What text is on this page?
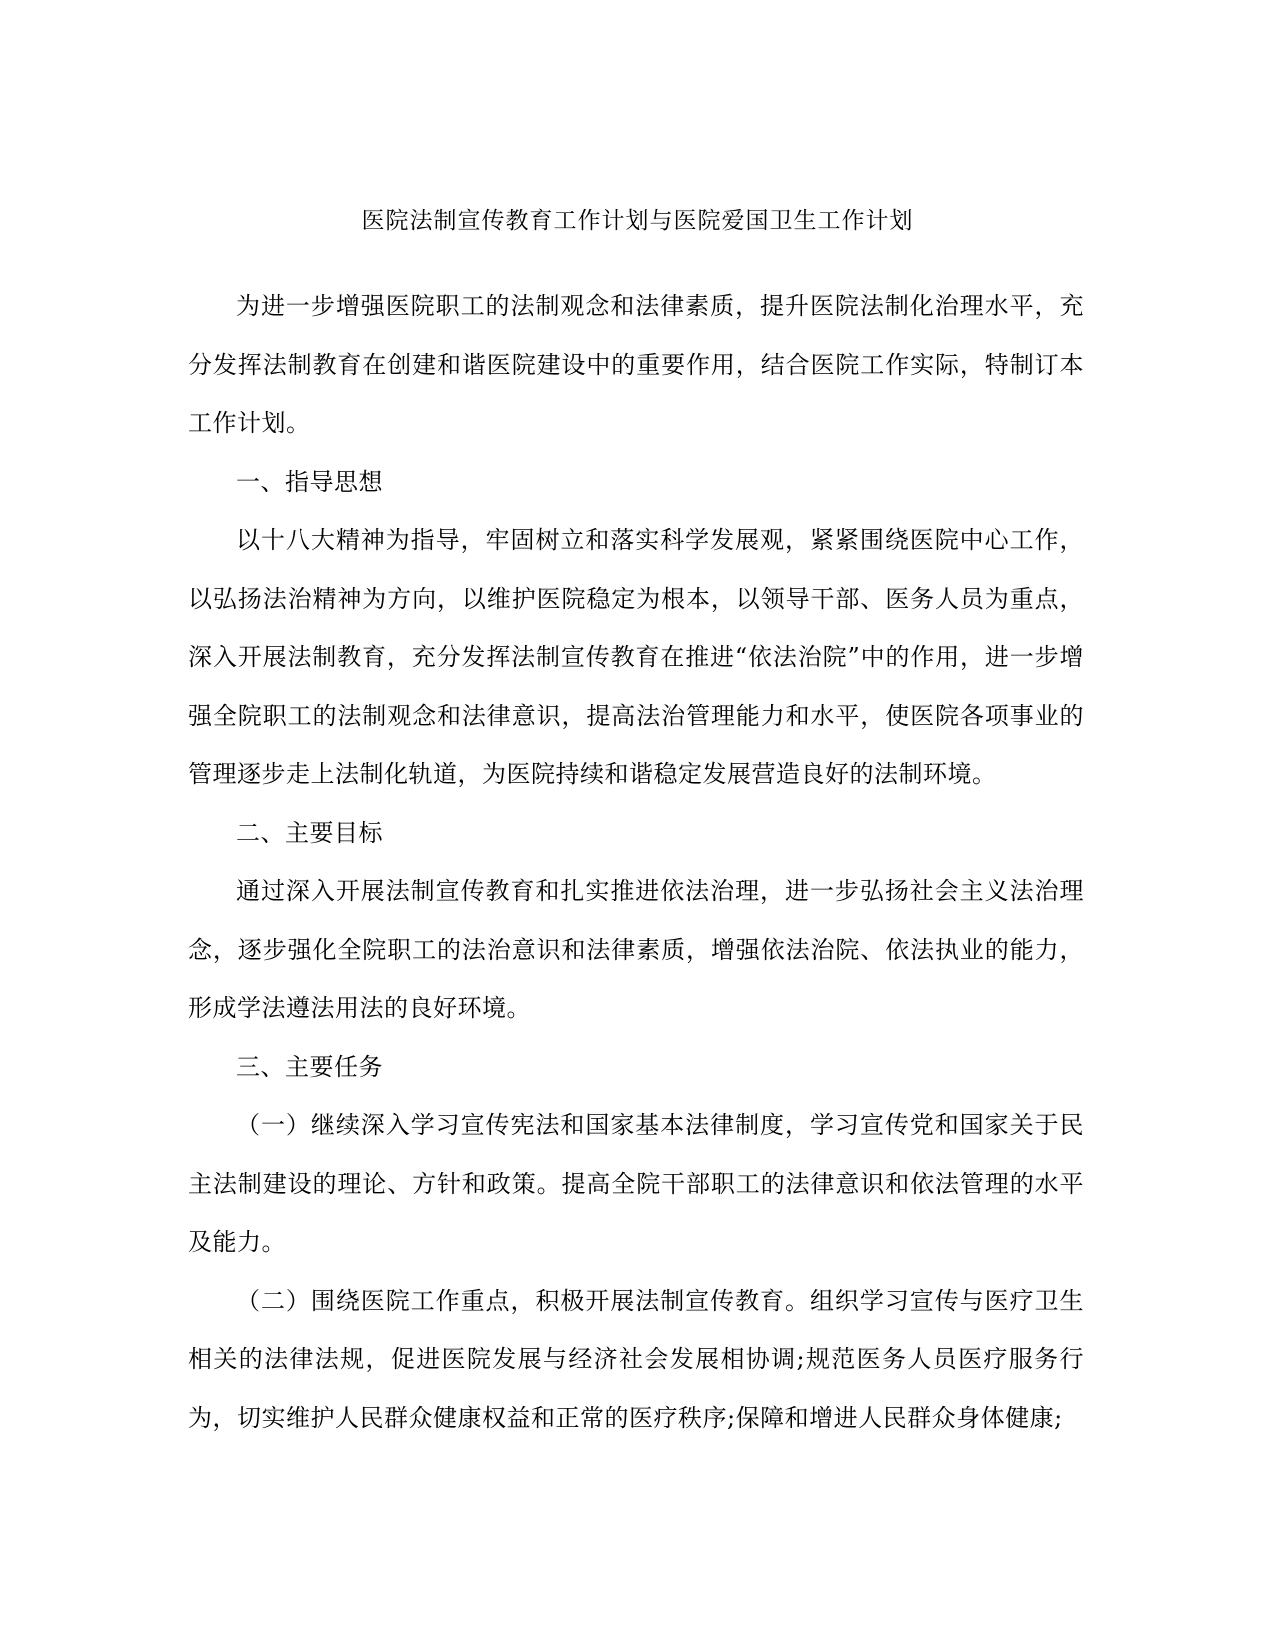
医院法制宣传教育工作计划与医院爱国卫生工作计划

为进一步增强医院职工的法制观念和法律素质，提升医院法制化治理水平，充分发挥法制教育在创建和谐医院建设中的重要作用，结合医院工作实际，特制订本工作计划。

一、指导思想

以十八大精神为指导，牢固树立和落实科学发展观，紧紧围绕医院中心工作，以弘扬法治精神为方向，以维护医院稳定为根本，以领导干部、医务人员为重点，深入开展法制教育，充分发挥法制宣传教育在推进“依法治院”中的作用，进一步增强全院职工的法制观念和法律意识，提高法治管理能力和水平，使医院各项事业的管理逐步走上法制化轨道，为医院持续和谐稳定发展营造良好的法制环境。

二、主要目标

通过深入开展法制宣传教育和扎实推进依法治理，进一步弘扬社会主义法治理念，逐步强化全院职工的法治意识和法律素质，增强依法治院、依法执业的能力，形成学法遵法用法的良好环境。

三、主要任务

（一）继续深入学习宣传宪法和国家基本法律制度，学习宣传党和国家关于民主法制建设的理论、方针和政策。提高全院干部职工的法律意识和依法管理的水平及能力。

（二）围绕医院工作重点，积极开展法制宣传教育。组织学习宣传与医疗卫生相关的法律法规，促进医院发展与经济社会发展相协调;规范医务人员医疗服务行为，切实维护人民群众健康权益和正常的医疗秩序;保障和增进人民群众身体健康;
